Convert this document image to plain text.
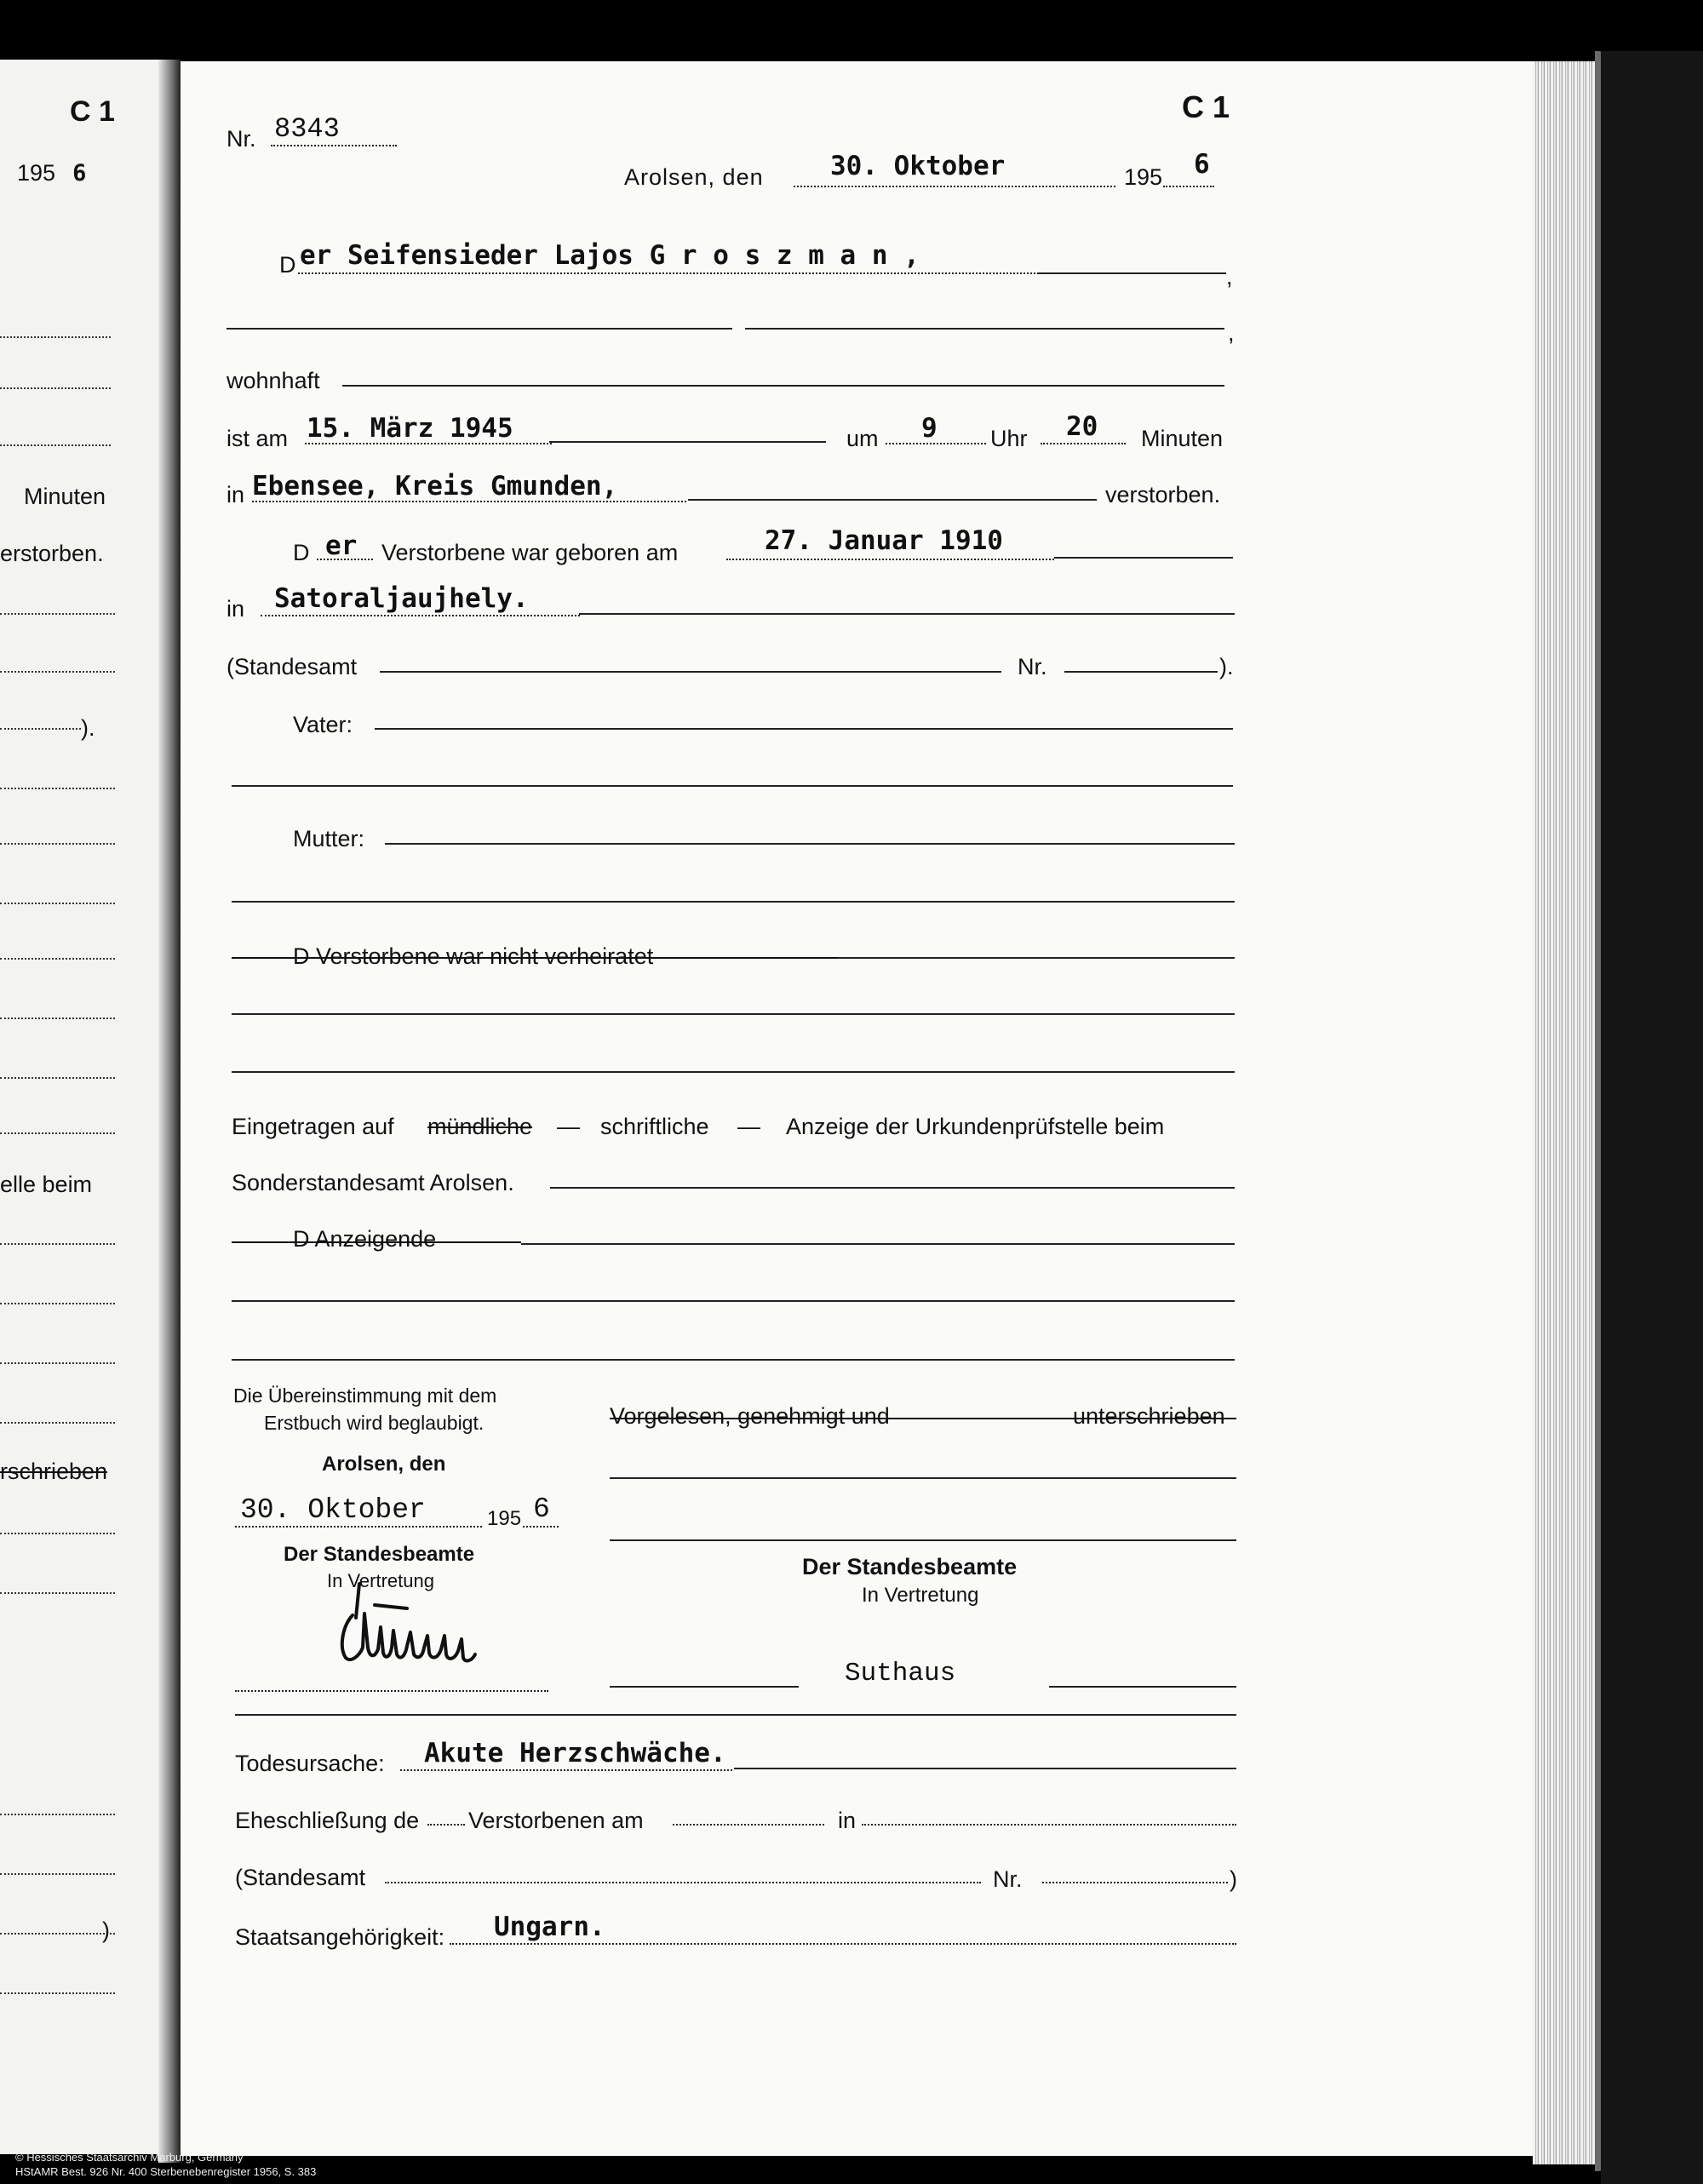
C 1
195 6
Minuten
erstorben.
).
elle beim
rschrieben
)
C 1
Nr. 8343
Arolsen, den	30. Oktober	195 6
D er Seifensieder Lajos G r o s z m a n ,
,
,
wohnhaft
ist am 15. März 1945	um 9 Uhr 20 Minuten
in Ebensee, Kreis Gmunden,	verstorben.
D er Verstorbene war geboren am	27. Januar 1910
in Satoraljaujhely.
(Standesamt	Nr.	).
Vater:
Mutter:
D Verstorbene war nicht verheiratet
Eingetragen auf mündliche — schriftliche — Anzeige der Urkundenprüfstelle beim
Sonderstandesamt Arolsen.
D Anzeigende
Die Übereinstimmung mit dem
Erstbuch wird beglaubigt.
Arolsen, den
30. Oktober	195 6
Der Standesbeamte
In Vertretung
Vorgelesen, genehmigt und	unterschrieben
Der Standesbeamte
In Vertretung
Suthaus
Todesursache: Akute Herzschwäche.
Eheschließung de Verstorbenen am	in
(Standesamt	Nr.	)
Staatsangehörigkeit: Ungarn.
© Hessisches Staatsarchiv Marburg, Germany
HStAMR Best. 926 Nr. 400 Sterbenebenregister 1956, S. 383
